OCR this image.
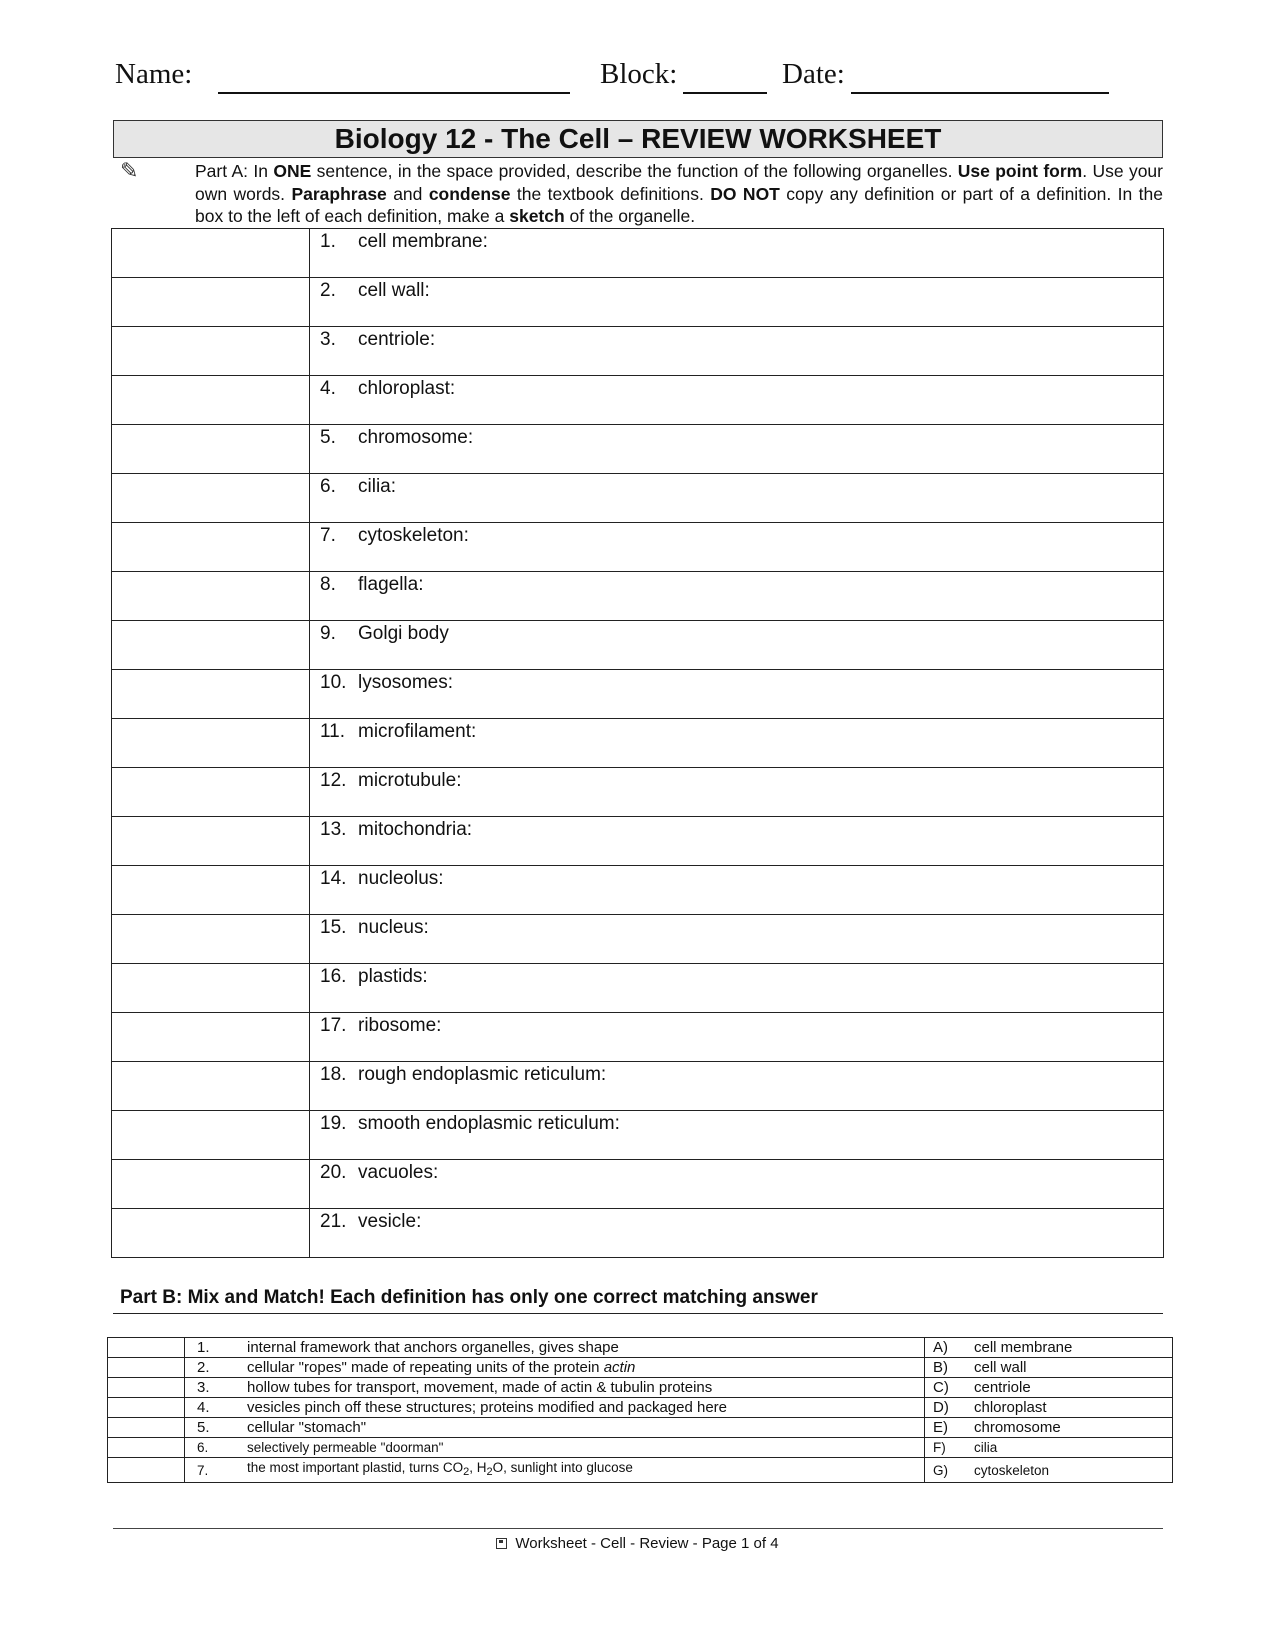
Name:	Block:	Date:
Biology 12 - The Cell – REVIEW WORKSHEET
✎	Part A: In ONE sentence, in the space provided, describe the function of the following organelles. Use point form. Use your own words. Paraphrase and condense the textbook definitions. DO NOT copy any definition or part of a definition. In the box to the left of each definition, make a sketch of the organelle.
	1. cell membrane:
	2. cell wall:
	3. centriole:
	4. chloroplast:
	5. chromosome:
	6. cilia:
	7. cytoskeleton:
	8. flagella:
	9. Golgi body
	10. lysosomes:
	11. microfilament:
	12. microtubule:
	13. mitochondria:
	14. nucleolus:
	15. nucleus:
	16. plastids:
	17. ribosome:
	18. rough endoplasmic reticulum:
	19. smooth endoplasmic reticulum:
	20. vacuoles:
	21. vesicle:
Part B: Mix and Match! Each definition has only one correct matching answer
	1.	internal framework that anchors organelles, gives shape	A)	cell membrane
	2.	cellular "ropes" made of repeating units of the protein actin	B)	cell wall
	3.	hollow tubes for transport, movement, made of actin & tubulin proteins	C)	centriole
	4.	vesicles pinch off these structures; proteins modified and packaged here	D)	chloroplast
	5.	cellular "stomach"	E)	chromosome
	6.	selectively permeable "doorman"	F)	cilia
	7.	the most important plastid, turns $CO_2$, $H_2O$, sunlight into glucose	G)	cytoskeleton
Worksheet - Cell - Review - Page 1 of 4
